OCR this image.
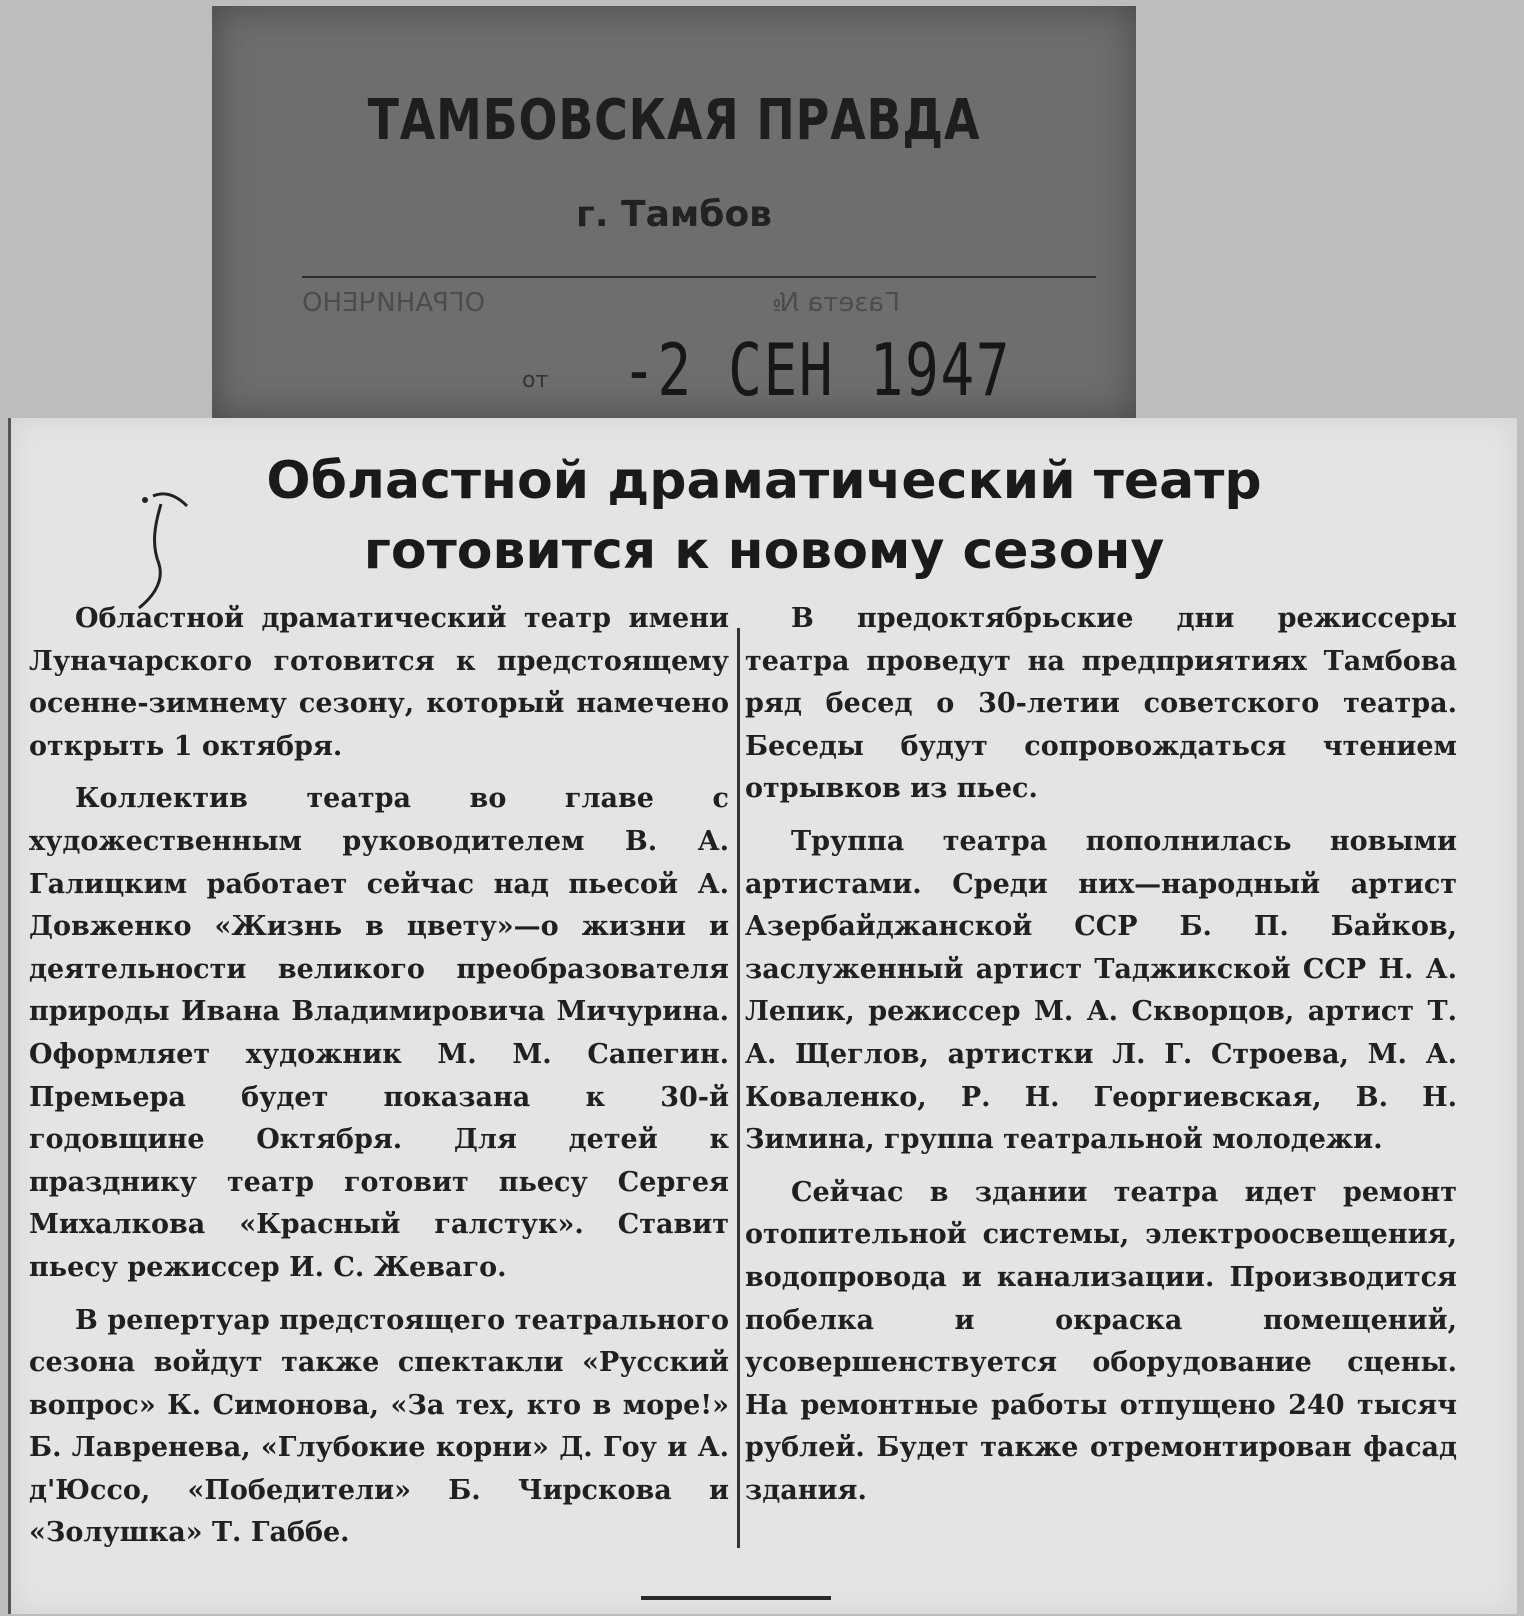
ТАМБОВСКАЯ ПРАВДА
г. Тамбов
ОГРАНИЧЕНО	Газета №
от -2 СЕН 1947
Областной драматический театр
готовится к новому сезону

Областной драматический театр имени Луначарского готовится к предстоящему осенне-зимнему сезону, который намечено открыть 1 октября.

Коллектив театра во главе с художественным руководителем В. А. Галицким работает сейчас над пьесой А. Довженко «Жизнь в цвету»—о жизни и деятельности великого преобразователя природы Ивана Владимировича Мичурина. Оформляет художник М. М. Сапегин. Премьера будет показана к 30-й годовщине Октября. Для детей к празднику театр готовит пьесу Сергея Михалкова «Красный галстук». Ставит пьесу режиссер И. С. Жеваго.

В репертуар предстоящего театрального сезона войдут также спектакли «Русский вопрос» К. Симонова, «За тех, кто в море!» Б. Лавренева, «Глубокие корни» Д. Гоу и А. д'Юссо, «Победители» Б. Чирскова и «Золушка» Т. Габбе.

В предоктябрьские дни режиссеры театра проведут на предприятиях Тамбова ряд бесед о 30-летии советского театра. Беседы будут сопровождаться чтением отрывков из пьес.

Труппа театра пополнилась новыми артистами. Среди них—народный артист Азербайджанской ССР Б. П. Байков, заслуженный артист Таджикской ССР Н. А. Лепик, режиссер М. А. Скворцов, артист Т. А. Щеглов, артистки Л. Г. Строева, М. А. Коваленко, Р. Н. Георгиевская, В. Н. Зимина, группа театральной молодежи.

Сейчас в здании театра идет ремонт отопительной системы, электроосвещения, водопровода и канализации. Производится побелка и окраска помещений, усовершенствуется оборудование сцены. На ремонтные работы отпущено 240 тысяч рублей. Будет также отремонтирован фасад здания.
